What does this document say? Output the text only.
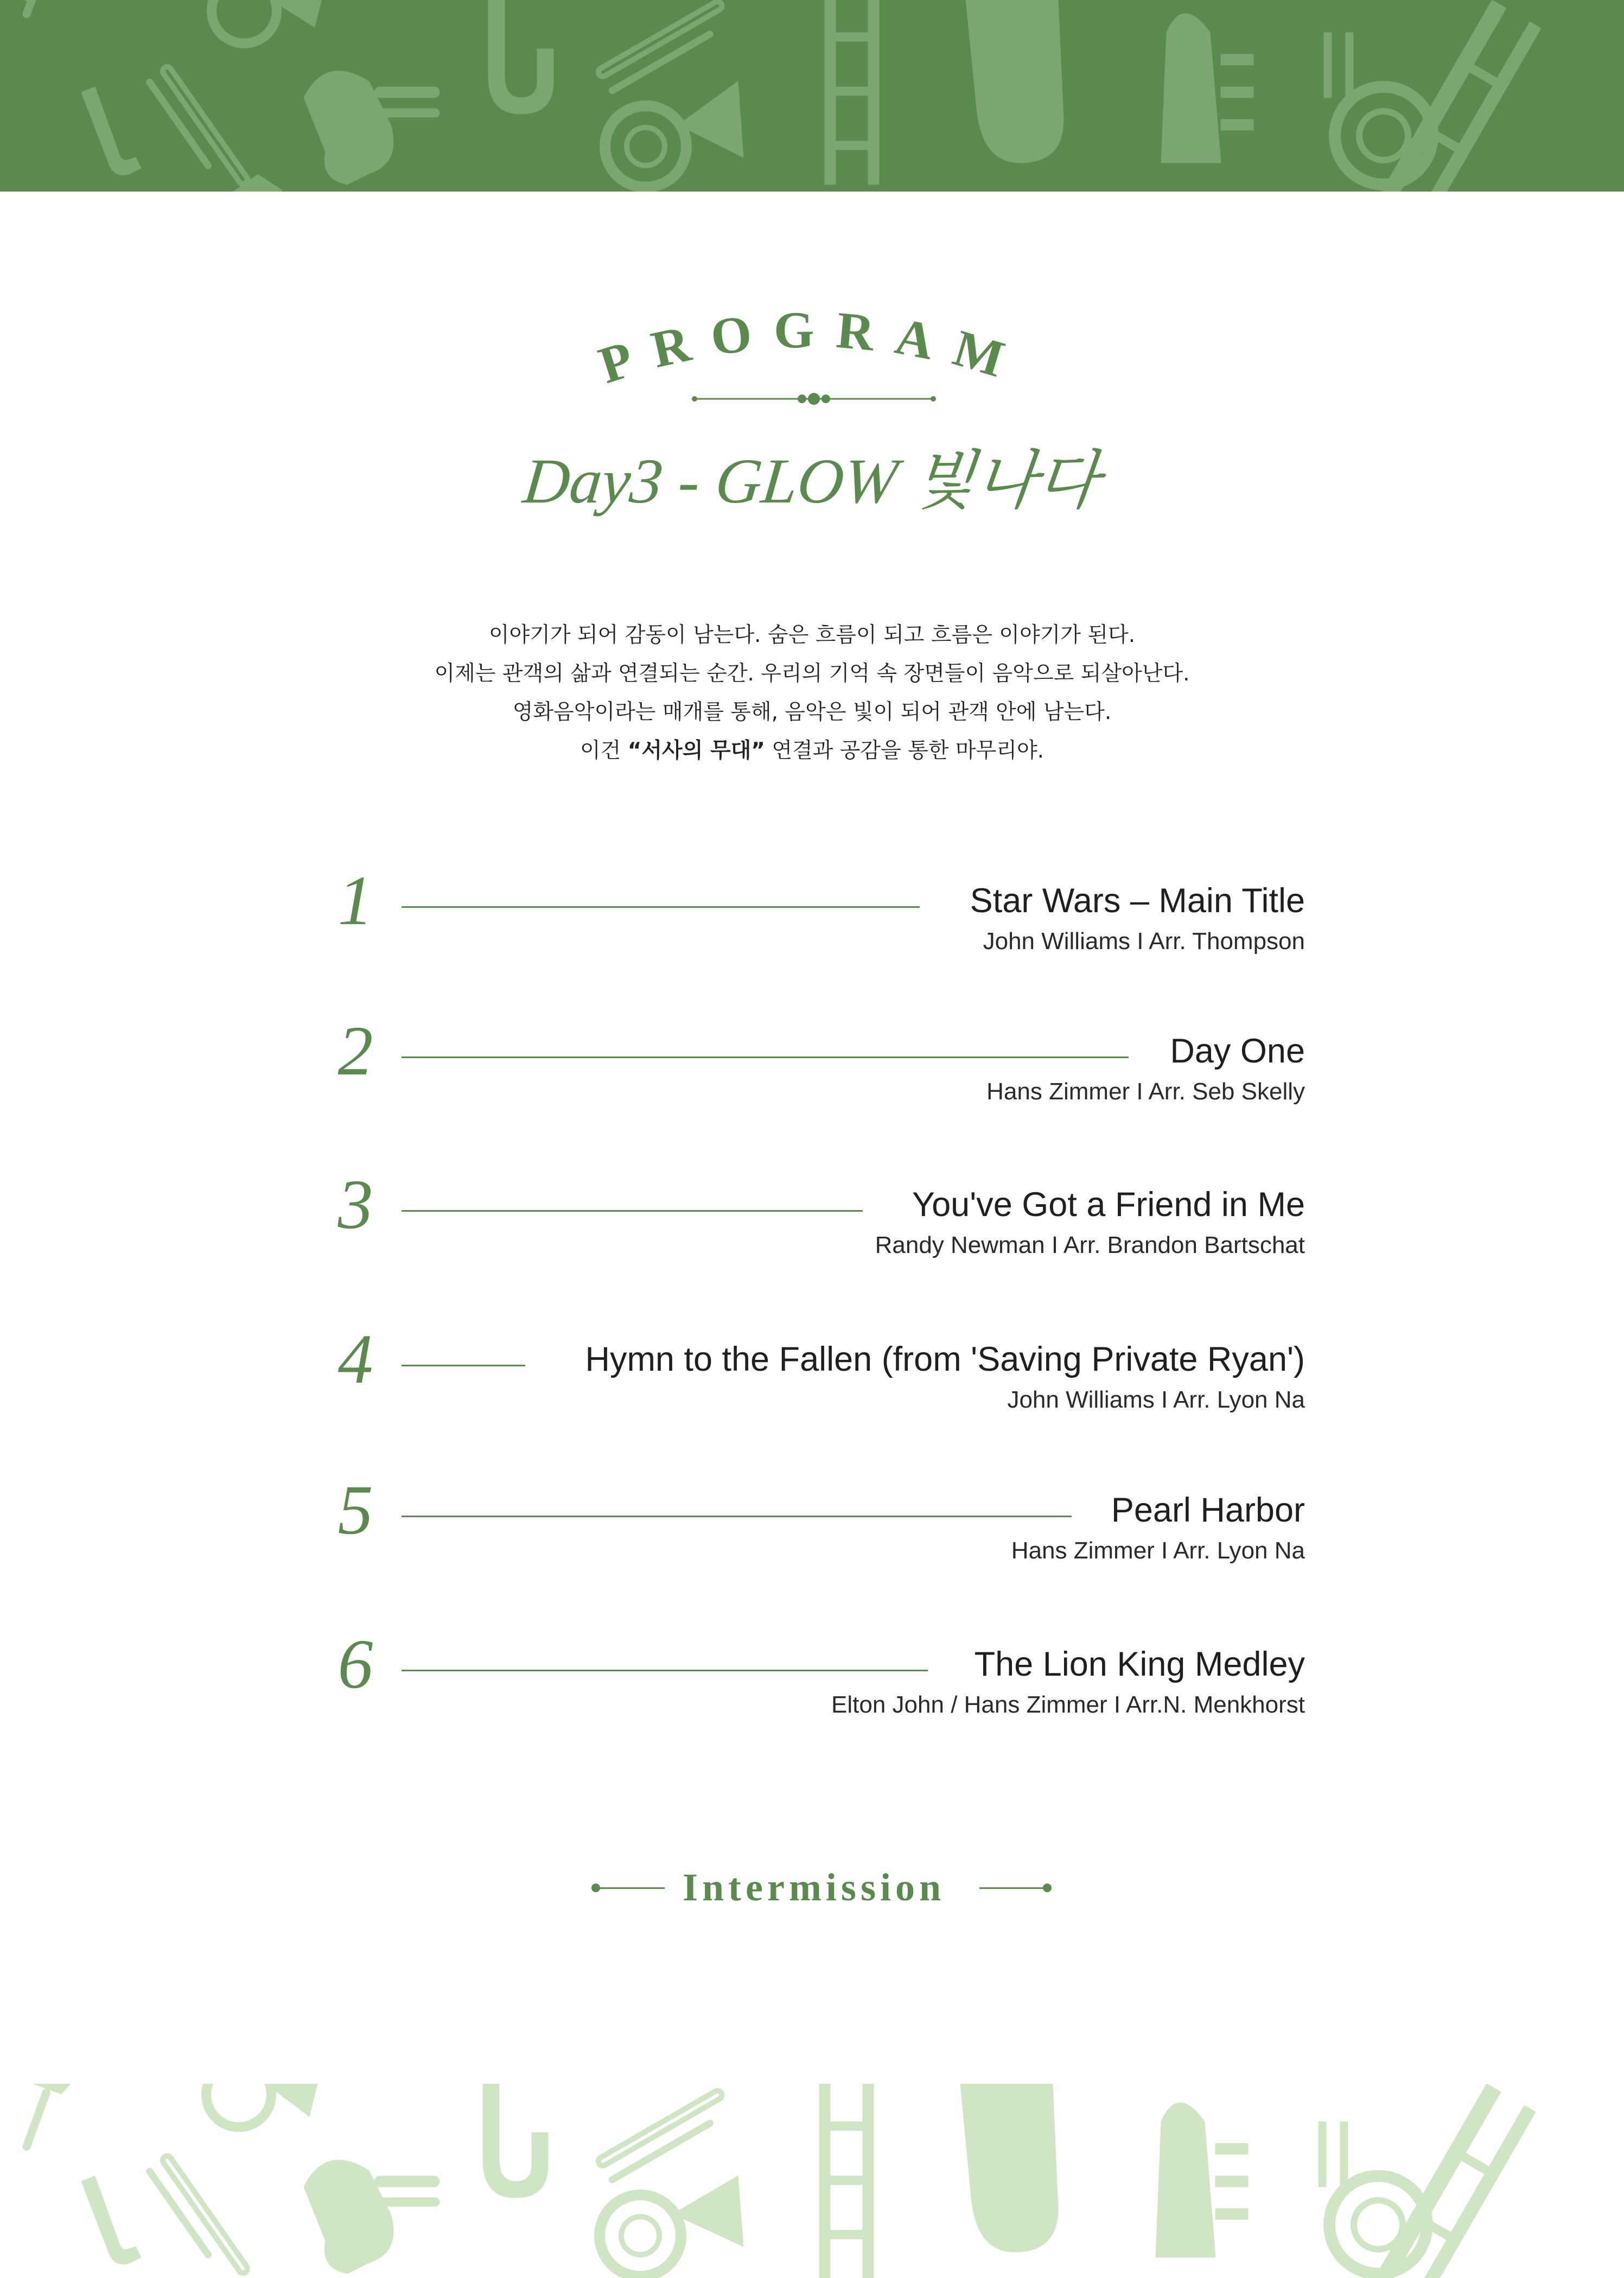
PROGRAM
Day3 - GLOW 빛나다

이야기가 되어 감동이 남는다. 숨은 흐름이 되고 흐름은 이야기가 된다.

이제는 관객의 삶과 연결되는 순간. 우리의 기억 속 장면들이 음악으로 되살아난다.

영화음악이라는 매개를 통해, 음악은 빛이 되어 관객 안에 남는다.

이건 “서사의 무대” 연결과 공감을 통한 마무리야.

1	Star Wars – Main Title
John Williams I Arr. Thompson
2	Day One
Hans Zimmer I Arr. Seb Skelly
3	You've Got a Friend in Me
Randy Newman I Arr. Brandon Bartschat
4	Hymn to the Fallen (from 'Saving Private Ryan')
John Williams I Arr. Lyon Na
5	Pearl Harbor
Hans Zimmer I Arr. Lyon Na
6	The Lion King Medley
Elton John / Hans Zimmer I Arr.N. Menkhorst
Intermission
